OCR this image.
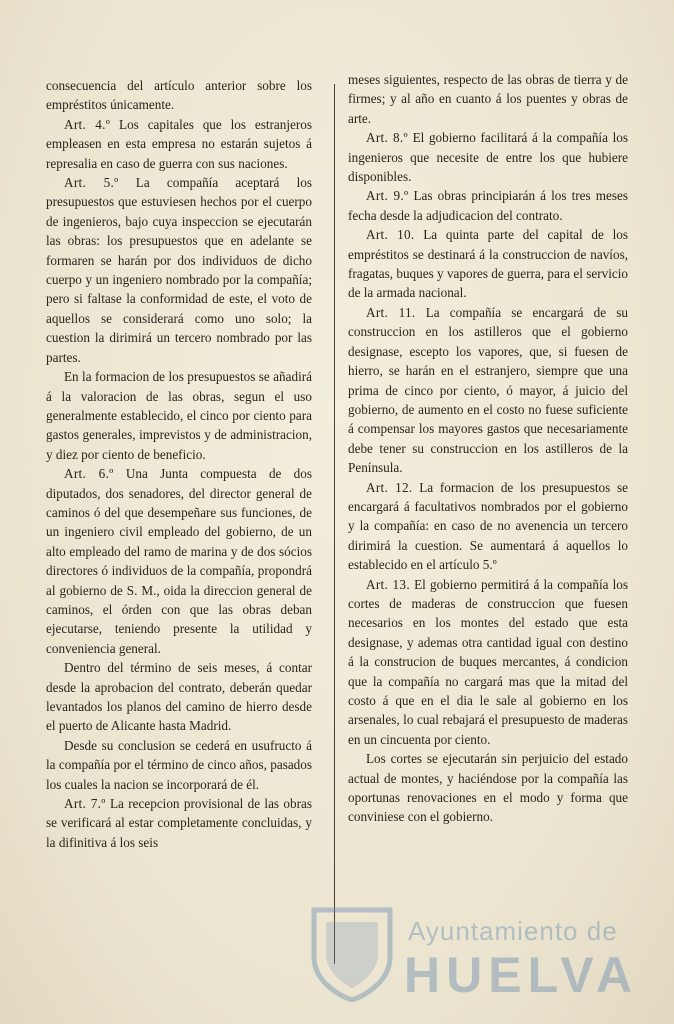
consecuencia del artículo anterior sobre los empréstitos únicamente.

Art. 4.º Los capitales que los estranjeros empleasen en esta empresa no estarán sujetos á represalia en caso de guerra con sus naciones.

Art. 5.º La compañía aceptará los presupuestos que estuviesen hechos por el cuerpo de ingenieros, bajo cuya inspeccion se ejecutarán las obras: los presupuestos que en adelante se formaren se harán por dos individuos de dicho cuerpo y un ingeniero nombrado por la compañía; pero si faltase la conformidad de este, el voto de aquellos se considerará como uno solo; la cuestion la dirimirá un tercero nombrado por las partes.

En la formacion de los presupuestos se añadirá á la valoracion de las obras, segun el uso generalmente establecido, el cinco por ciento para gastos generales, imprevistos y de administracion, y diez por ciento de beneficio.

Art. 6.º Una Junta compuesta de dos diputados, dos senadores, del director general de caminos ó del que desempeñare sus funciones, de un ingeniero civil empleado del gobierno, de un alto empleado del ramo de marina y de dos sócios directores ó individuos de la compañía, propondrá al gobierno de S. M., oida la direccion general de caminos, el órden con que las obras deban ejecutarse, teniendo presente la utilidad y conveniencia general.

Dentro del término de seis meses, á contar desde la aprobacion del contrato, deberán quedar levantados los planos del camino de hierro desde el puerto de Alicante hasta Madrid.

Desde su conclusion se cederá en usufructo á la compañía por el término de cinco años, pasados los cuales la nacion se incorporará de él.

Art. 7.º La recepcion provisional de las obras se verificará al estar completamente concluidas, y la difinitiva á los seis

meses siguientes, respecto de las obras de tierra y de firmes; y al año en cuanto á los puentes y obras de arte.

Art. 8.º El gobierno facilitará á la compañía los ingenieros que necesite de entre los que hubiere disponibles.

Art. 9.º Las obras principiarán á los tres meses fecha desde la adjudicacion del contrato.

Art. 10. La quinta parte del capital de los empréstitos se destinará á la construccion de navíos, fragatas, buques y vapores de guerra, para el servicio de la armada nacional.

Art. 11. La compañía se encargará de su construccion en los astilleros que el gobierno designase, escepto los vapores, que, si fuesen de hierro, se harán en el estranjero, siempre que una prima de cinco por ciento, ó mayor, á juicio del gobierno, de aumento en el costo no fuese suficiente á compensar los mayores gastos que necesariamente debe tener su construccion en los astilleros de la Península.

Art. 12. La formacion de los presupuestos se encargará á facultativos nombrados por el gobierno y la compañía: en caso de no avenencia un tercero dirimirá la cuestion. Se aumentará á aquellos lo establecido en el artículo 5.º

Art. 13. El gobierno permitirá á la compañía los cortes de maderas de construccion que fuesen necesarios en los montes del estado que esta designase, y ademas otra cantidad igual con destino á la construcion de buques mercantes, á condicion que la compañía no cargará mas que la mitad del costo á que en el dia le sale al gobierno en los arsenales, lo cual rebajará el presupuesto de maderas en un cincuenta por ciento.

Los cortes se ejecutarán sin perjuicio del estado actual de montes, y haciéndose por la compañía las oportunas renovaciones en el modo y forma que conviniese con el gobierno.

Ayuntamiento de
HUELVA
